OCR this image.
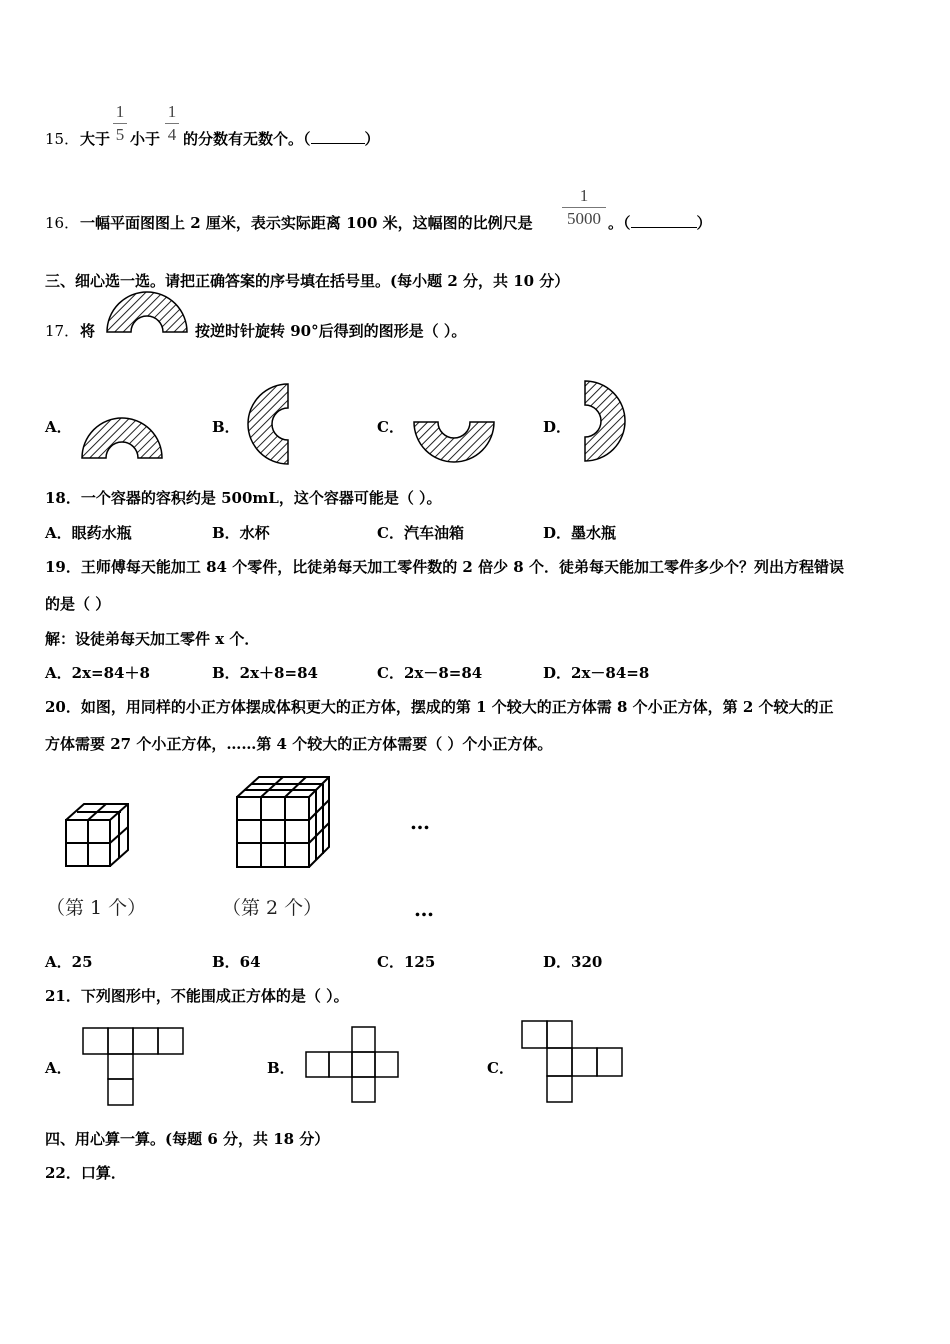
15． 大于
1
5 小于
1
4 的分数有无数个。（	）
16． 一幅平面图图上 2 厘米，表示实际距离 100 米，这幅图的比例尺是
1
5000 。（	）
三、细心选一选。请把正确答案的序号填在括号里。(每小题 2 分，共 10 分）
17． 将	按逆时针旋转 90°后得到的图形是（ ）。
A．	B．	C．	D．
18．一个容器的容积约是 500mL，这个容器可能是（ ）。
A．眼药水瓶	B．水杯	C．汽车油箱	D．墨水瓶
19．王师傅每天能加工 84 个零件，比徒弟每天加工零件数的 2 倍少 8 个．徒弟每天能加工零件多少个？列出方程错误
的是（ ）
解：设徒弟每天加工零件 x 个．
A．2x=84＋8	B．2x＋8=84	C．2x－8=84	D．2x－84=8
20．如图，用同样的小正方体摆成体积更大的正方体，摆成的第 1 个较大的正方体需 8 个小正方体，第 2 个较大的正
方体需要 27 个小正方体，……第 4 个较大的正方体需要（ ）个小正方体。
（第 1 个）	（第 2 个）
…
…
A．25	B．64	C．125	D．320
21．下列图形中，不能围成正方体的是（ ）。
A．	B．	C．
四、用心算一算。(每题 6 分，共 18 分）
22．口算．
